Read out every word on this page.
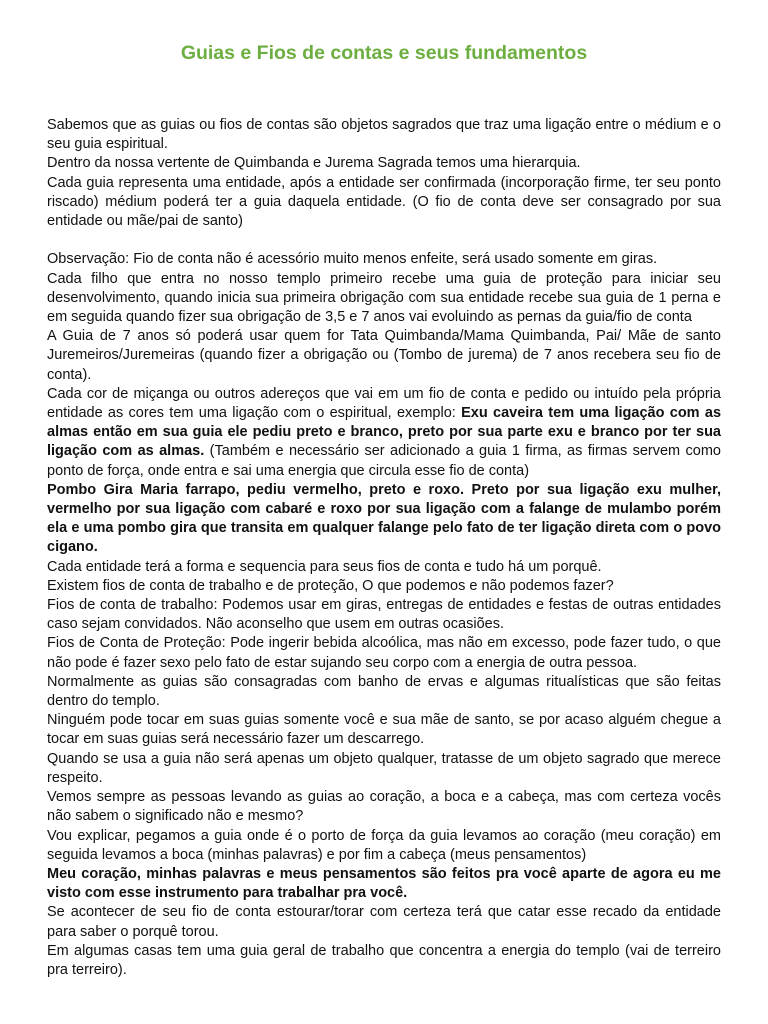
Guias e Fios de contas e seus fundamentos

Sabemos que as guias ou fios de contas são objetos sagrados que traz uma ligação entre o médium e o seu guia espiritual.

Dentro da nossa vertente de Quimbanda e Jurema Sagrada temos uma hierarquia.

Cada guia representa uma entidade, após a entidade ser confirmada (incorporação firme, ter seu ponto riscado) médium poderá ter a guia daquela entidade. (O fio de conta deve ser consagrado por sua entidade ou mãe/pai de santo)

Observação: Fio de conta não é acessório muito menos enfeite, será usado somente em giras.

Cada filho que entra no nosso templo primeiro recebe uma guia de proteção para iniciar seu desenvolvimento, quando inicia sua primeira obrigação com sua entidade recebe sua guia de 1 perna e em seguida quando fizer sua obrigação de 3,5 e 7 anos vai evoluindo as pernas da guia/fio de conta

A Guia de 7 anos só poderá usar quem for Tata Quimbanda/Mama Quimbanda, Pai/ Mãe de santo Juremeiros/Juremeiras (quando fizer a obrigação ou (Tombo de jurema) de 7 anos recebera seu fio de conta).

Cada cor de miçanga ou outros adereços que vai em um fio de conta e pedido ou intuído pela própria entidade as cores tem uma ligação com o espiritual, exemplo: Exu caveira tem uma ligação com as almas então em sua guia ele pediu preto e branco, preto por sua parte exu e branco por ter sua ligação com as almas. (Também e necessário ser adicionado a guia 1 firma, as firmas servem como ponto de força, onde entra e sai uma energia que circula esse fio de conta)

Pombo Gira Maria farrapo, pediu vermelho, preto e roxo. Preto por sua ligação exu mulher, vermelho por sua ligação com cabaré e roxo por sua ligação com a falange de mulambo porém ela e uma pombo gira que transita em qualquer falange pelo fato de ter ligação direta com o povo cigano.

Cada entidade terá a forma e sequencia para seus fios de conta e tudo há um porquê.

Existem fios de conta de trabalho e de proteção, O que podemos e não podemos fazer?

Fios de conta de trabalho: Podemos usar em giras, entregas de entidades e festas de outras entidades caso sejam convidados. Não aconselho que usem em outras ocasiões.

Fios de Conta de Proteção: Pode ingerir bebida alcoólica, mas não em excesso, pode fazer tudo, o que não pode é fazer sexo pelo fato de estar sujando seu corpo com a energia de outra pessoa.

Normalmente as guias são consagradas com banho de ervas e algumas ritualísticas que são feitas dentro do templo.

Ninguém pode tocar em suas guias somente você e sua mãe de santo, se por acaso alguém chegue a tocar em suas guias será necessário fazer um descarrego.

Quando se usa a guia não será apenas um objeto qualquer, tratasse de um objeto sagrado que merece respeito.

Vemos sempre as pessoas levando as guias ao coração, a boca e a cabeça, mas com certeza vocês não sabem o significado não e mesmo?

Vou explicar, pegamos a guia onde é o porto de força da guia levamos ao coração (meu coração) em seguida levamos a boca (minhas palavras) e por fim a cabeça (meus pensamentos)

Meu coração, minhas palavras e meus pensamentos são feitos pra você aparte de agora eu me visto com esse instrumento para trabalhar pra você.

Se acontecer de seu fio de conta estourar/torar com certeza terá que catar esse recado da entidade para saber o porquê torou.

Em algumas casas tem uma guia geral de trabalho que concentra a energia do templo (vai de terreiro pra terreiro).
